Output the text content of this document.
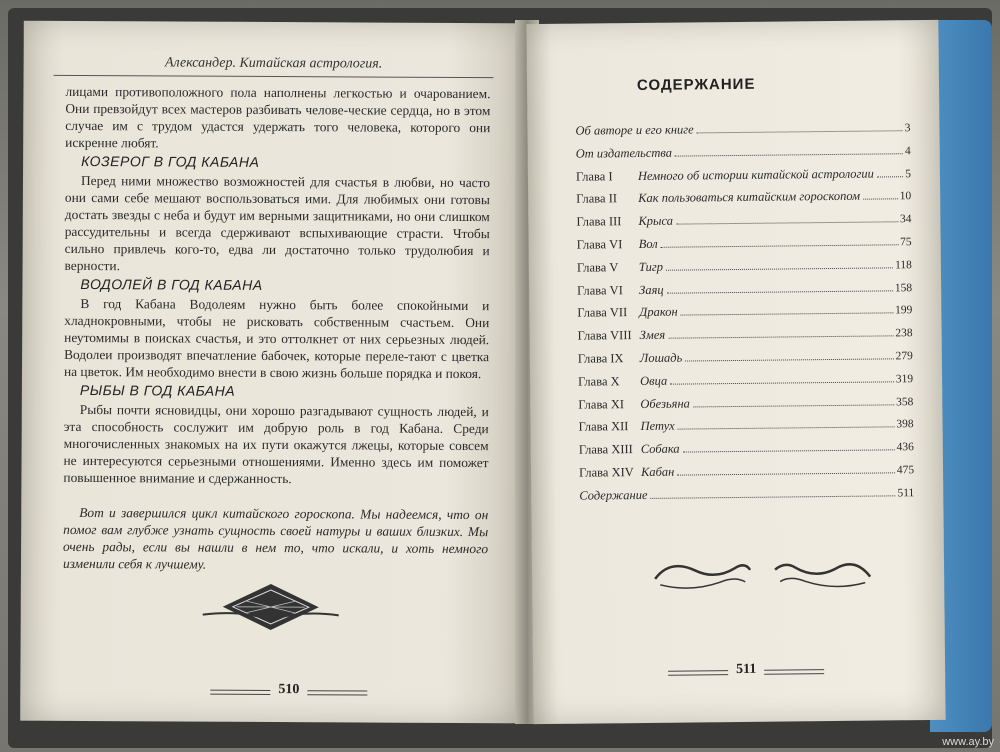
Александер. Китайская астрология.

лицами противоположного пола наполнены легкостью и очарованием. Они превзойдут всех мастеров разбивать челове-ческие сердца, но в этом случае им с трудом удастся удержать того человека, которого они искренне любят.

КОЗЕРОГ В ГОД КАБАНА

Перед ними множество возможностей для счастья в любви, но часто они сами себе мешают воспользоваться ими. Для любимых они готовы достать звезды с неба и будут им верными защитниками, но они слишком рассудительны и всегда сдерживают вспыхивающие страсти. Чтобы сильно привлечь кого-то, едва ли достаточно только трудолюбия и верности.

ВОДОЛЕЙ В ГОД КАБАНА

В год Кабана Водолеям нужно быть более спокойными и хладнокровными, чтобы не рисковать собственным счастьем. Они неутомимы в поисках счастья, и это оттолкнет от них серьезных людей. Водолеи производят впечатление бабочек, которые переле-тают с цветка на цветок. Им необходимо внести в свою жизнь больше порядка и покоя.

РЫБЫ В ГОД КАБАНА

Рыбы почти ясновидцы, они хорошо разгадывают сущность людей, и эта способность сослужит им добрую роль в год Кабана. Среди многочисленных знакомых на их пути окажутся лжецы, которые совсем не интересуются серьезными отношениями. Именно здесь им поможет повышенное внимание и сдержанность.

Вот и завершился цикл китайского гороскопа. Мы надеемся, что он помог вам глубже узнать сущность своей натуры и ваших близких. Мы очень рады, если вы нашли в нем то, что искали, и хоть немного изменили себя к лучшему.

510
СОДЕРЖАНИЕ
Об авторе и его книге	3
От издательства	4
Глава I	Немного об истории китайской астрологии	5
Глава II	Как пользоваться китайским гороскопом	10
Глава III	Крыса	34
Глава VI	Вол	75
Глава V	Тигр	118
Глава VI	Заяц	158
Глава VII Дракон	199
Глава VIII Змея	238
Глава IX	Лошадь	279
Глава X	Овца	319
Глава XI	Обезьяна	358
Глава XII Петух	398
Глава XIII Собака	436
Глава XIV Кабан	475
Содержание	511
511
www.ay.by
